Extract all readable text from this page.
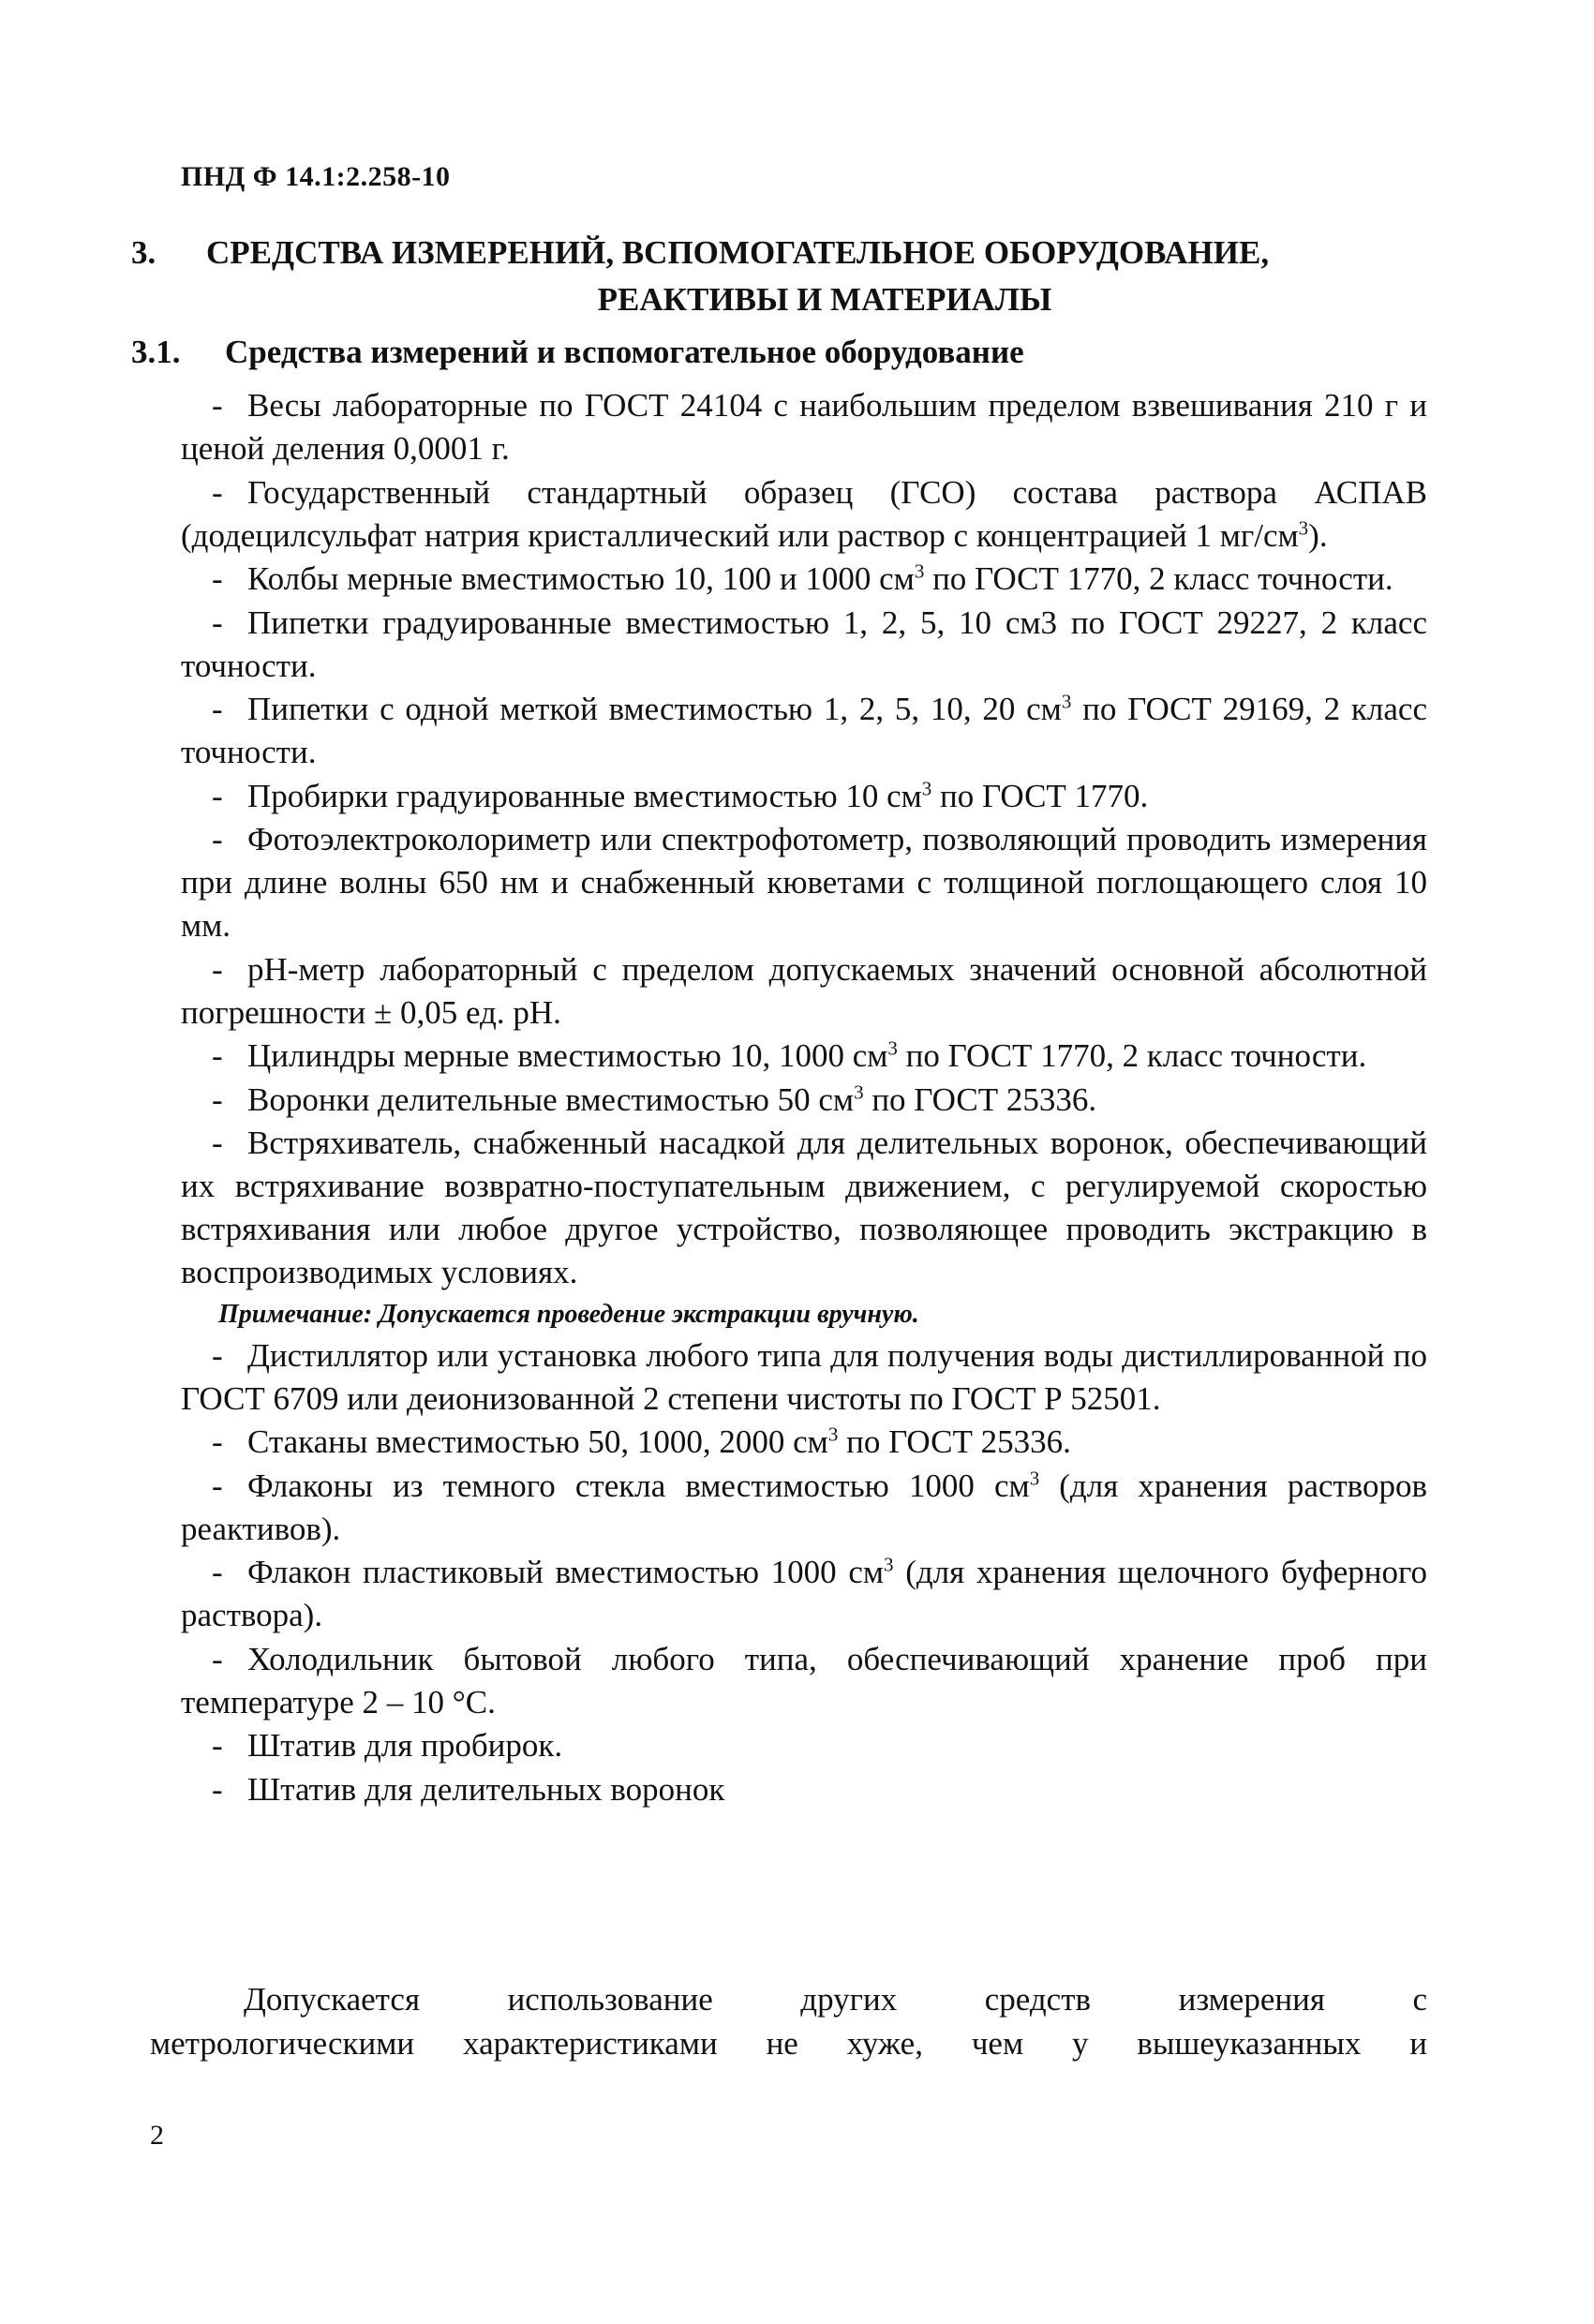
ПНД Ф 14.1:2.258-10
3. СРЕДСТВА ИЗМЕРЕНИЙ, ВСПОМОГАТЕЛЬНОЕ ОБОРУДОВАНИЕ,
РЕАКТИВЫ И МАТЕРИАЛЫ
3.1. Средства измерений и вспомогательное оборудование

- Весы лабораторные по ГОСТ 24104 с наибольшим пределом взвешивания 210 г и ценой деления 0,0001 г.

- Государственный стандартный образец (ГСО) состава раствора АСПАВ (додецилсульфат натрия кристаллический или раствор с концентрацией 1 $мг/см^3$).

- Колбы мерные вместимостью 10, 100 и 1000 $см^3$ по ГОСТ 1770, 2 класс точности.

- Пипетки градуированные вместимостью 1, 2, 5, 10 см3 по ГОСТ 29227, 2 класс точности.

- Пипетки с одной меткой вместимостью 1, 2, 5, 10, 20 $см^3$ по ГОСТ 29169, 2 класс точности.

- Пробирки градуированные вместимостью 10 $см^3$ по ГОСТ 1770.

- Фотоэлектроколориметр или спектрофотометр, позволяющий проводить измерения при длине волны 650 нм и снабженный кюветами с толщиной поглощающего слоя 10 мм.

- рН-метр лабораторный с пределом допускаемых значений основной абсолютной погрешности ± 0,05 ед. рН.

- Цилиндры мерные вместимостью 10, 1000 $см^3$ по ГОСТ 1770, 2 класс точности.

- Воронки делительные вместимостью 50 $см^3$ по ГОСТ 25336.

- Встряхиватель, снабженный насадкой для делительных воронок, обеспечивающий их встряхивание возвратно-поступательным движением, с регулируемой скоростью встряхивания или любое другое устройство, позволяющее проводить экстракцию в воспроизводимых условиях.

Примечание: Допускается проведение экстракции вручную.

- Дистиллятор или установка любого типа для получения воды дистиллированной по ГОСТ 6709 или деионизованной 2 степени чистоты по ГОСТ Р 52501.

- Стаканы вместимостью 50, 1000, 2000 $см^3$ по ГОСТ 25336.

- Флаконы из темного стекла вместимостью 1000 $см^3$ (для хранения растворов реактивов).

- Флакон пластиковый вместимостью 1000 $см^3$ (для хранения щелочного буферного раствора).

- Холодильник бытовой любого типа, обеспечивающий хранение проб при температуре 2 – 10 °С.

- Штатив для пробирок.

- Штатив для делительных воронок

Допускается использование других средств измерения с

метрологическими характеристиками не хуже, чем у вышеуказанных и

2
